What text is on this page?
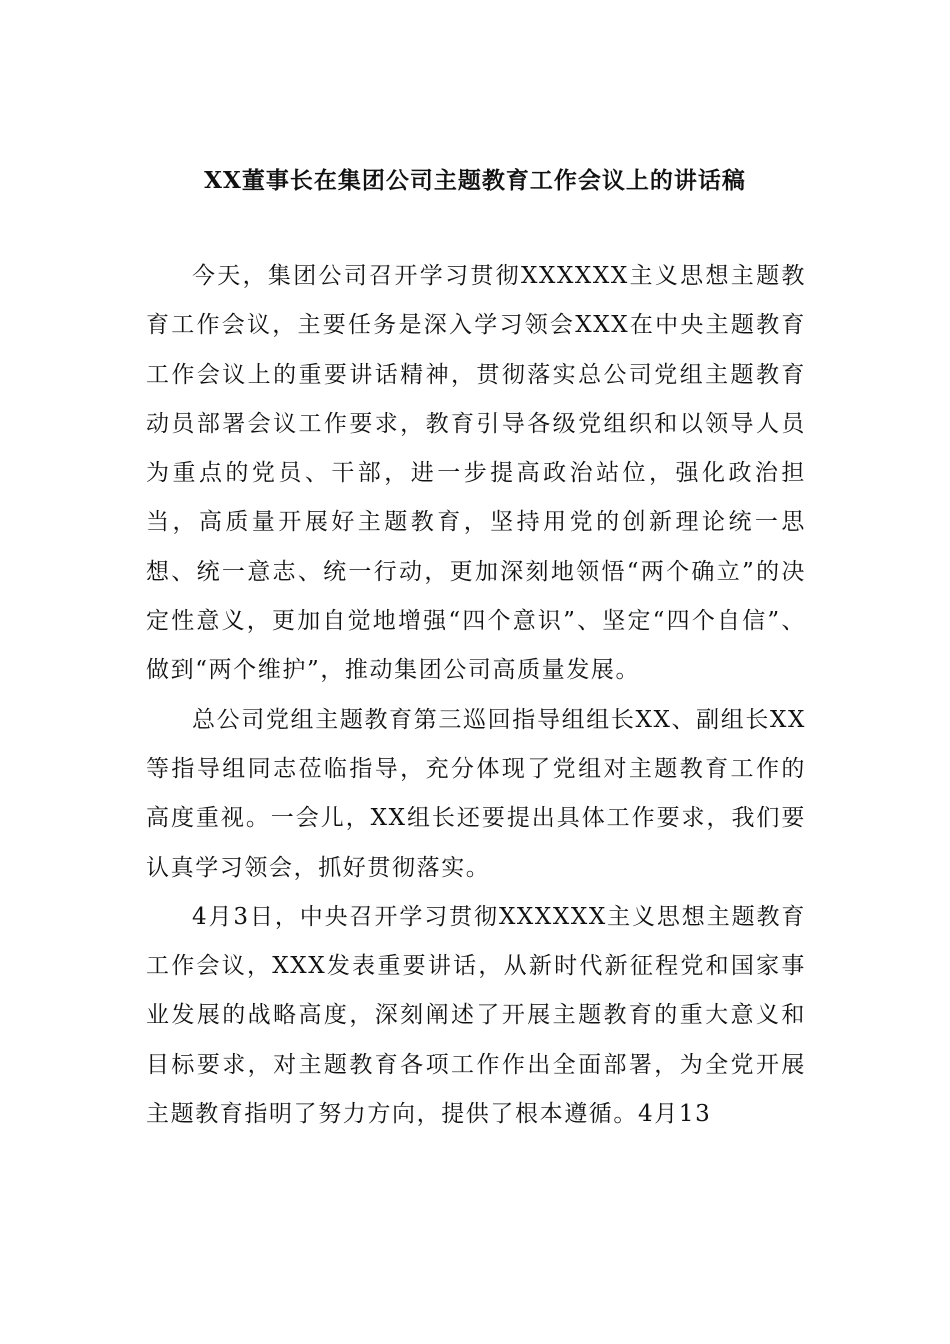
XX董事长在集团公司主题教育工作会议上的讲话稿

今天，集团公司召开学习贯彻XXXXXX主义思想主题教育工作会议，主要任务是深入学习领会XXX在中央主题教育工作会议上的重要讲话精神，贯彻落实总公司党组主题教育动员部署会议工作要求，教育引导各级党组织和以领导人员为重点的党员、干部，进一步提高政治站位，强化政治担当，高质量开展好主题教育，坚持用党的创新理论统一思想、统一意志、统一行动，更加深刻地领悟“两个确立”的决定性意义，更加自觉地增强“四个意识”、坚定“四个自信”、做到“两个维护”，推动集团公司高质量发展。

总公司党组主题教育第三巡回指导组组长XX、副组长XX等指导组同志莅临指导，充分体现了党组对主题教育工作的高度重视。一会儿，XX组长还要提出具体工作要求，我们要认真学习领会，抓好贯彻落实。

4月3日，中央召开学习贯彻XXXXXX主义思想主题教育工作会议，XXX发表重要讲话，从新时代新征程党和国家事业发展的战略高度，深刻阐述了开展主题教育的重大意义和目标要求，对主题教育各项工作作出全面部署，为全党开展主题教育指明了努力方向，提供了根本遵循。4月13
